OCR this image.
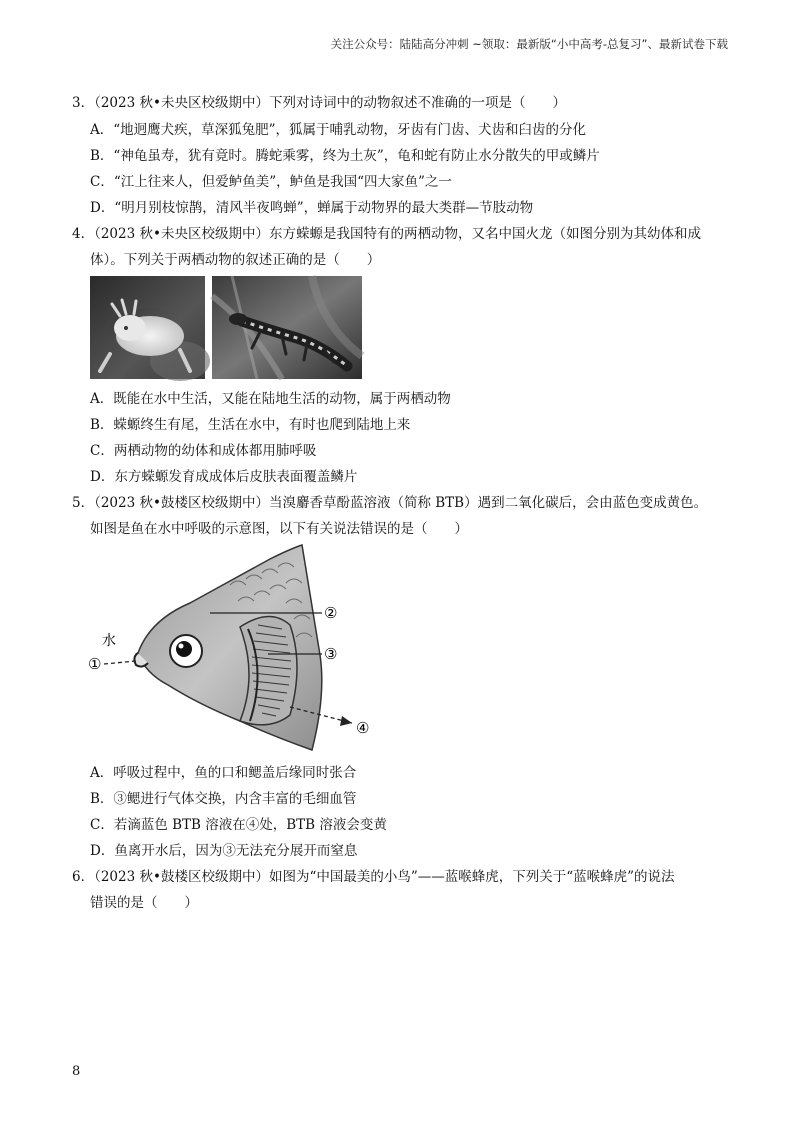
关注公众号：陆陆高分冲刺 ~领取：最新版“小中高考-总复习”、最新试卷下载
3．（2023 秋•未央区校级期中）下列对诗词中的动物叙述不准确的一项是（　　）
A．“地迥鹰犬疾，草深狐兔肥”，狐属于哺乳动物，牙齿有门齿、犬齿和臼齿的分化
B．“神龟虽寿，犹有竟时。腾蛇乘雾，终为土灰”，龟和蛇有防止水分散失的甲或鳞片
C．“江上往来人，但爱鲈鱼美”，鲈鱼是我国“四大家鱼”之一
D．“明月别枝惊鹊，清风半夜鸣蝉”，蝉属于动物界的最大类群—节肢动物
4．（2023 秋•未央区校级期中）东方蝾螈是我国特有的两栖动物，又名中国火龙（如图分别为其幼体和成
体）。下列关于两栖动物的叙述正确的是（　　）
A．既能在水中生活，又能在陆地生活的动物，属于两栖动物
B．蝾螈终生有尾，生活在水中，有时也爬到陆地上来
C．两栖动物的幼体和成体都用肺呼吸
D．东方蝾螈发育成成体后皮肤表面覆盖鳞片
5．（2023 秋•鼓楼区校级期中）当溴麝香草酚蓝溶液（简称 BTB）遇到二氧化碳后，会由蓝色变成黄色。
如图是鱼在水中呼吸的示意图，以下有关说法错误的是（　　）
水
①
②
③
④
A．呼吸过程中，鱼的口和鳃盖后缘同时张合
B．③鳃进行气体交换，内含丰富的毛细血管
C．若滴蓝色 BTB 溶液在④处，BTB 溶液会变黄
D．鱼离开水后，因为③无法充分展开而窒息
6．（2023 秋•鼓楼区校级期中）如图为“中国最美的小鸟”——蓝喉蜂虎，下列关于“蓝喉蜂虎”的说法
错误的是（　　）
8
